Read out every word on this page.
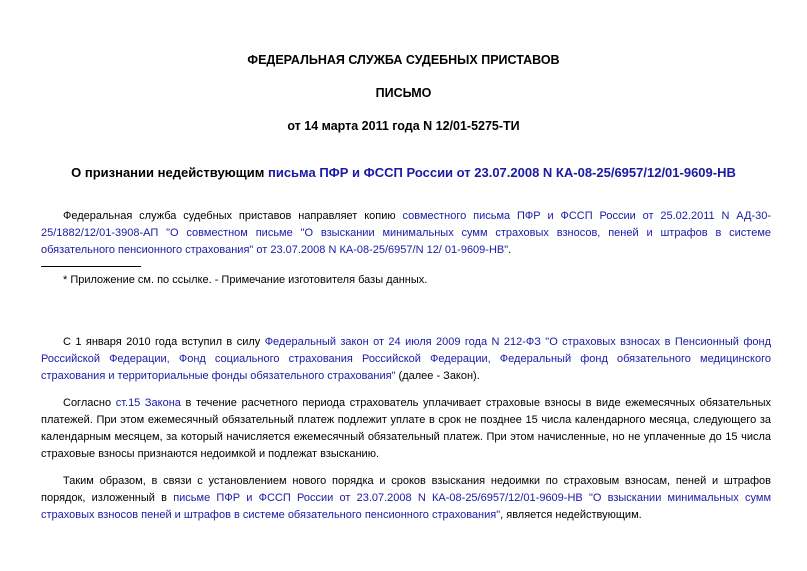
ФЕДЕРАЛЬНАЯ СЛУЖБА СУДЕБНЫХ ПРИСТАВОВ
ПИСЬМО
от 14 марта 2011 года N 12/01-5275-ТИ
О признании недействующим письма ПФР и ФССП России от 23.07.2008 N КА-08-25/6957/12/01-9609-НВ
Федеральная служба судебных приставов направляет копию совместного письма ПФР и ФССП России от 25.02.2011 N АД-30-25/1882/12/01-3908-АП "О совместном письме "О взыскании минимальных сумм страховых взносов, пеней и штрафов в системе обязательного пенсионного страхования" от 23.07.2008 N КА-08-25/6957/N 12/ 01-9609-НВ".
* Приложение см. по ссылке. - Примечание изготовителя базы данных.
С 1 января 2010 года вступил в силу Федеральный закон от 24 июля 2009 года N 212-ФЗ "О страховых взносах в Пенсионный фонд Российской Федерации, Фонд социального страхования Российской Федерации, Федеральный фонд обязательного медицинского страхования и территориальные фонды обязательного страхования" (далее - Закон).
Согласно ст.15 Закона в течение расчетного периода страхователь уплачивает страховые взносы в виде ежемесячных обязательных платежей. При этом ежемесячный обязательный платеж подлежит уплате в срок не позднее 15 числа календарного месяца, следующего за календарным месяцем, за который начисляется ежемесячный обязательный платеж. При этом начисленные, но не уплаченные до 15 числа страховые взносы признаются недоимкой и подлежат взысканию.
Таким образом, в связи с установлением нового порядка и сроков взыскания недоимки по страховым взносам, пеней и штрафов порядок, изложенный в письме ПФР и ФССП России от 23.07.2008 N КА-08-25/6957/12/01-9609-НВ "О взыскании минимальных сумм страховых взносов пеней и штрафов в системе обязательного пенсионного страхования", является недействующим.
